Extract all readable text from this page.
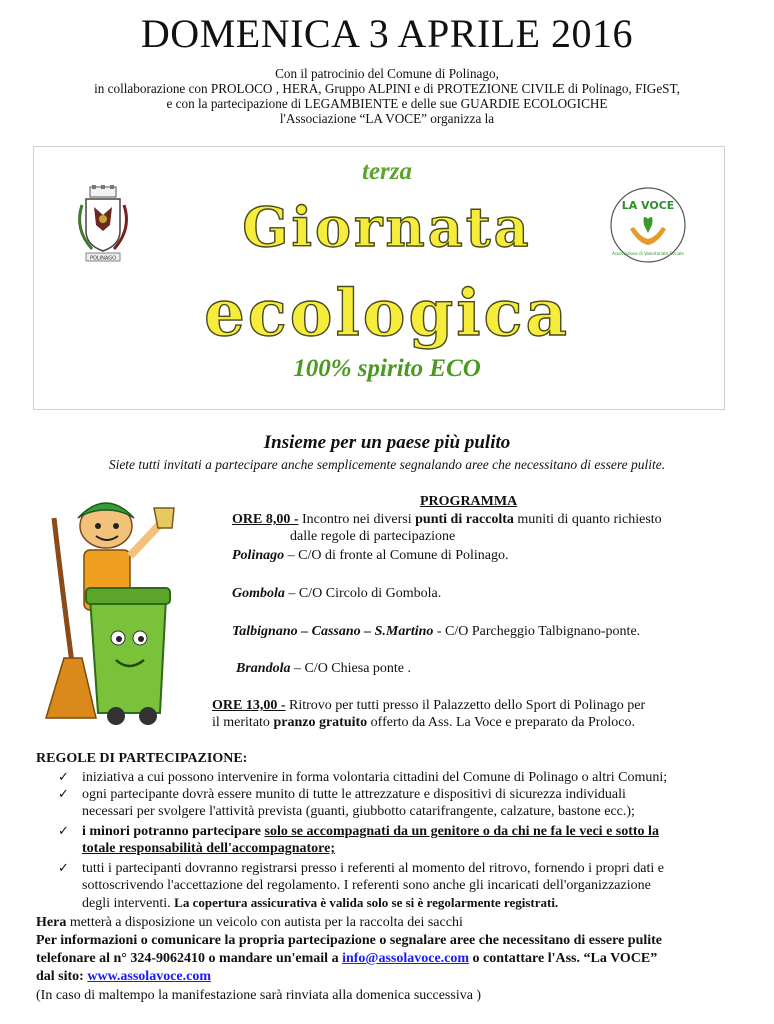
DOMENICA 3 APRILE 2016
Con il patrocinio del Comune di Polinago,
in collaborazione con PROLOCO , HERA, Gruppo ALPINI e di PROTEZIONE CIVILE di Polinago, FIGeST,
e con la partecipazione di LEGAMBIENTE e delle sue GUARDIE ECOLOGICHE
l'Associazione “LA VOCE” organizza la
terza
Giornata
ecologica
100% spirito ECO
POLINAGO
LA VOCE
Associazione di Volontariato Sociale
Insieme per un paese più pulito
Siete tutti invitati a partecipare anche semplicemente segnalando aree che necessitano di essere pulite.
PROGRAMMA
ORE 8,00 - Incontro nei diversi punti di raccolta muniti di quanto richiesto
dalle regole di partecipazione
Polinago – C/O di fronte al Comune di Polinago.
Gombola – C/O Circolo di Gombola.
Talbignano – Cassano – S.Martino - C/O Parcheggio Talbignano-ponte.
Brandola – C/O Chiesa ponte .
ORE 13,00 - Ritrovo per tutti presso il Palazzetto dello Sport di Polinago per
il meritato pranzo gratuito offerto da Ass. La Voce e preparato da Proloco.
REGOLE DI PARTECIPAZIONE:
✓ iniziativa a cui possono intervenire in forma volontaria cittadini del Comune di Polinago o altri Comuni;
✓ ogni partecipante dovrà essere munito di tutte le attrezzature e dispositivi di sicurezza individuali
necessari per svolgere l'attività prevista (guanti, giubbotto catarifrangente, calzature, bastone ecc.);
✓ i minori potranno partecipare solo se accompagnati da un genitore o da chi ne fa le veci e sotto la
totale responsabilità dell'accompagnatore;
✓ tutti i partecipanti dovranno registrarsi presso i referenti al momento del ritrovo, fornendo i propri dati e
sottoscrivendo l'accettazione del regolamento. I referenti sono anche gli incaricati dell'organizzazione
degli interventi. La copertura assicurativa è valida solo se si è regolarmente registrati.
Hera metterà a disposizione un veicolo con autista per la raccolta dei sacchi
Per informazioni o comunicare la propria partecipazione o segnalare aree che necessitano di essere pulite
telefonare al n° 324-9062410 o mandare un'email a info@assolavoce.com o contattare l'Ass. “La VOCE”
dal sito: www.assolavoce.com
(In caso di maltempo la manifestazione sarà rinviata alla domenica successiva )
